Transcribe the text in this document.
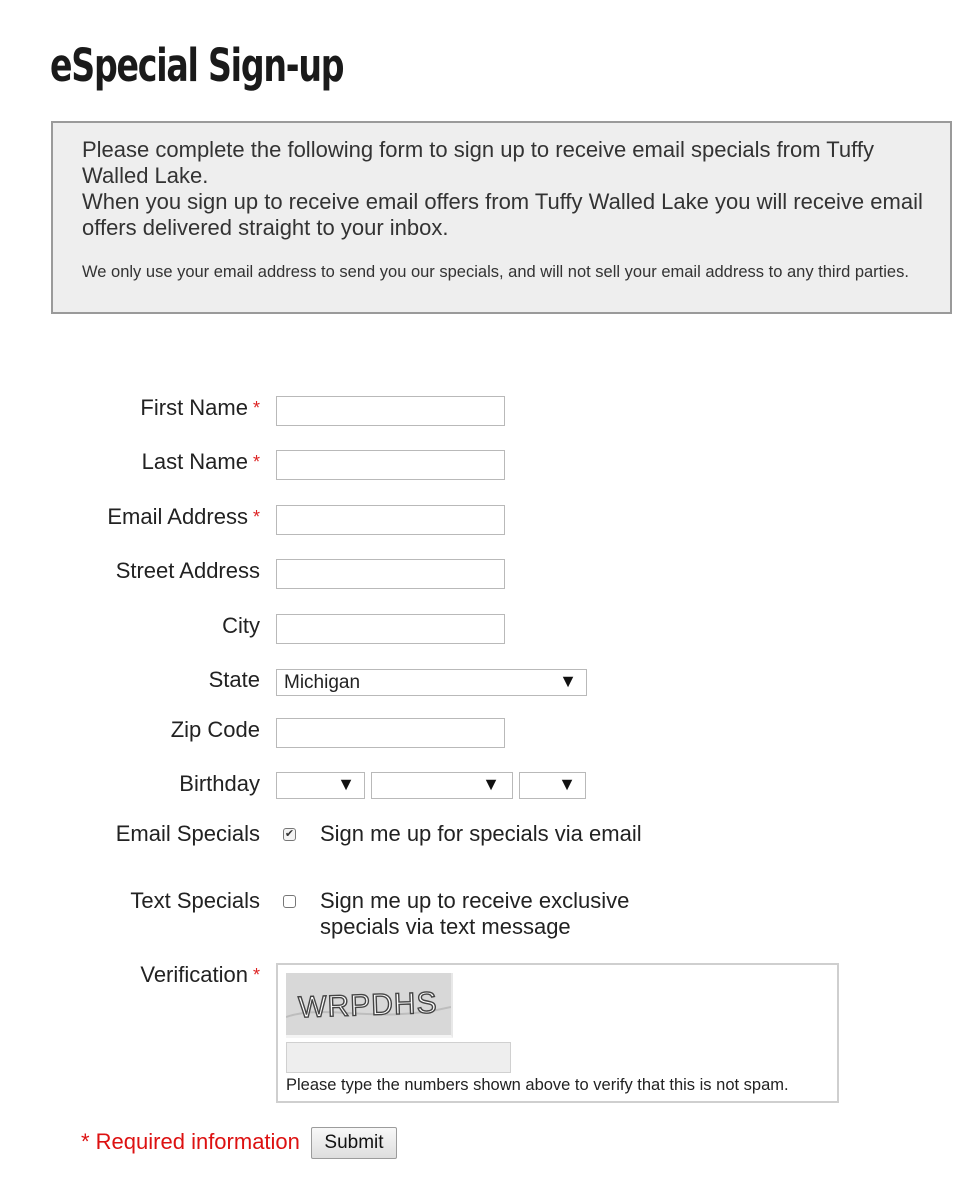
eSpecial Sign-up

Please complete the following form to sign up to receive email specials from Tuffy Walled Lake.
When you sign up to receive email offers from Tuffy Walled Lake you will receive email offers delivered straight to your inbox.

We only use your email address to send you our specials, and will not sell your email address to any third parties.

First Name *
Last Name *
Email Address *
Street Address
City
State	Michigan	▼
Zip Code
Birthday	▼	▼	▼
Email Specials ✔ Sign me up for specials via email
Text Specials	Sign me up to receive exclusive
specials via text message
Verification *
WRPDHS
Please type the numbers shown above to verify that this is not spam.
* Required information	Submit
